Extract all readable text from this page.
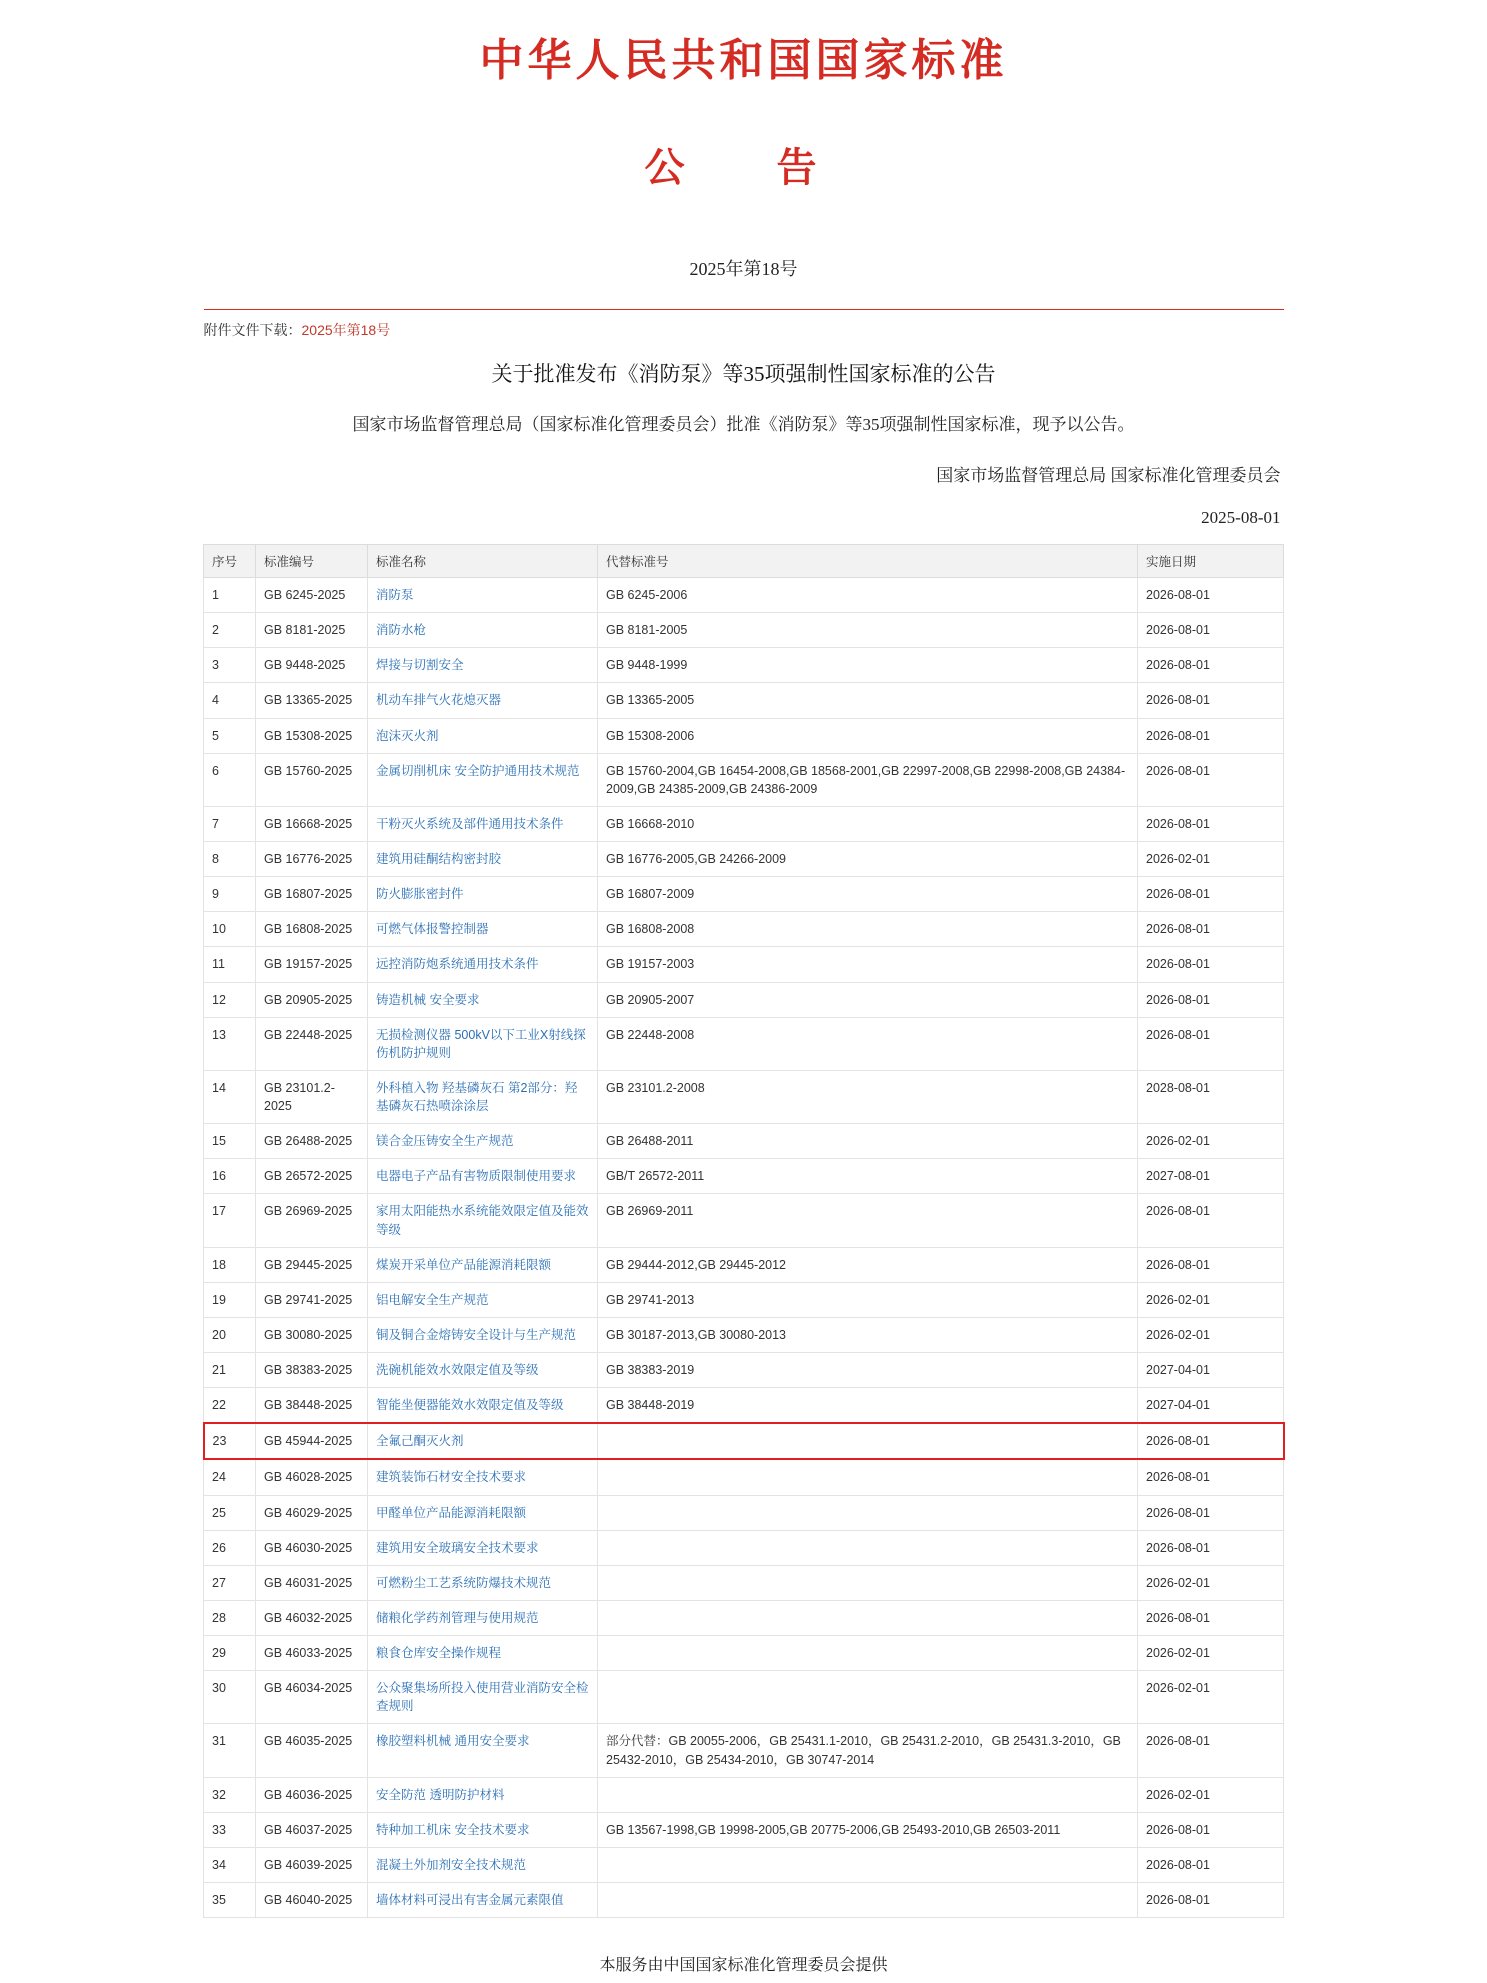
中华人民共和国国家标准
公　告
2025年第18号
附件文件下载：2025年第18号
关于批准发布《消防泵》等35项强制性国家标准的公告
国家市场监督管理总局（国家标准化管理委员会）批准《消防泵》等35项强制性国家标准，现予以公告。
国家市场监督管理总局 国家标准化管理委员会
2025-08-01
序号	标准编号	标准名称	代替标准号	实施日期
1	GB 6245-2025	消防泵	GB 6245-2006	2026-08-01
2	GB 8181-2025	消防水枪	GB 8181-2005	2026-08-01
3	GB 9448-2025	焊接与切割安全	GB 9448-1999	2026-08-01
4	GB 13365-2025	机动车排气火花熄灭器	GB 13365-2005	2026-08-01
5	GB 15308-2025	泡沫灭火剂	GB 15308-2006	2026-08-01
6	GB 15760-2025	金属切削机床 安全防护通用技术规范	GB 15760-2004,GB 16454-2008,GB 18568-2001,GB 22997-2008,GB 22998-2008,GB 24384-2009,GB 24385-2009,GB 24386-2009	2026-08-01
7	GB 16668-2025	干粉灭火系统及部件通用技术条件	GB 16668-2010	2026-08-01
8	GB 16776-2025	建筑用硅酮结构密封胶	GB 16776-2005,GB 24266-2009	2026-02-01
9	GB 16807-2025	防火膨胀密封件	GB 16807-2009	2026-08-01
10	GB 16808-2025	可燃气体报警控制器	GB 16808-2008	2026-08-01
11	GB 19157-2025	远控消防炮系统通用技术条件	GB 19157-2003	2026-08-01
12	GB 20905-2025	铸造机械 安全要求	GB 20905-2007	2026-08-01
13	GB 22448-2025	无损检测仪器 500kV以下工业X射线探伤机防护规则	GB 22448-2008	2026-08-01
14	GB 23101.2-2025	外科植入物 羟基磷灰石 第2部分：羟基磷灰石热喷涂涂层	GB 23101.2-2008	2028-08-01
15	GB 26488-2025	镁合金压铸安全生产规范	GB 26488-2011	2026-02-01
16	GB 26572-2025	电器电子产品有害物质限制使用要求	GB/T 26572-2011	2027-08-01
17	GB 26969-2025	家用太阳能热水系统能效限定值及能效等级	GB 26969-2011	2026-08-01
18	GB 29445-2025	煤炭开采单位产品能源消耗限额	GB 29444-2012,GB 29445-2012	2026-08-01
19	GB 29741-2025	铝电解安全生产规范	GB 29741-2013	2026-02-01
20	GB 30080-2025	铜及铜合金熔铸安全设计与生产规范	GB 30187-2013,GB 30080-2013	2026-02-01
21	GB 38383-2025	洗碗机能效水效限定值及等级	GB 38383-2019	2027-04-01
22	GB 38448-2025	智能坐便器能效水效限定值及等级	GB 38448-2019	2027-04-01
23	GB 45944-2025	全氟己酮灭火剂		2026-08-01
24	GB 46028-2025	建筑装饰石材安全技术要求		2026-08-01
25	GB 46029-2025	甲醛单位产品能源消耗限额		2026-08-01
26	GB 46030-2025	建筑用安全玻璃安全技术要求		2026-08-01
27	GB 46031-2025	可燃粉尘工艺系统防爆技术规范		2026-02-01
28	GB 46032-2025	储粮化学药剂管理与使用规范		2026-08-01
29	GB 46033-2025	粮食仓库安全操作规程		2026-02-01
30	GB 46034-2025	公众聚集场所投入使用营业消防安全检查规则		2026-02-01
31	GB 46035-2025	橡胶塑料机械 通用安全要求	部分代替：GB 20055-2006，GB 25431.1-2010，GB 25431.2-2010，GB 25431.3-2010，GB 25432-2010，GB 25434-2010，GB 30747-2014	2026-08-01
32	GB 46036-2025	安全防范 透明防护材料		2026-02-01
33	GB 46037-2025	特种加工机床 安全技术要求	GB 13567-1998,GB 19998-2005,GB 20775-2006,GB 25493-2010,GB 26503-2011	2026-08-01
34	GB 46039-2025	混凝土外加剂安全技术规范		2026-08-01
35	GB 46040-2025	墙体材料可浸出有害金属元素限值		2026-08-01
本服务由中国国家标准化管理委员会提供
